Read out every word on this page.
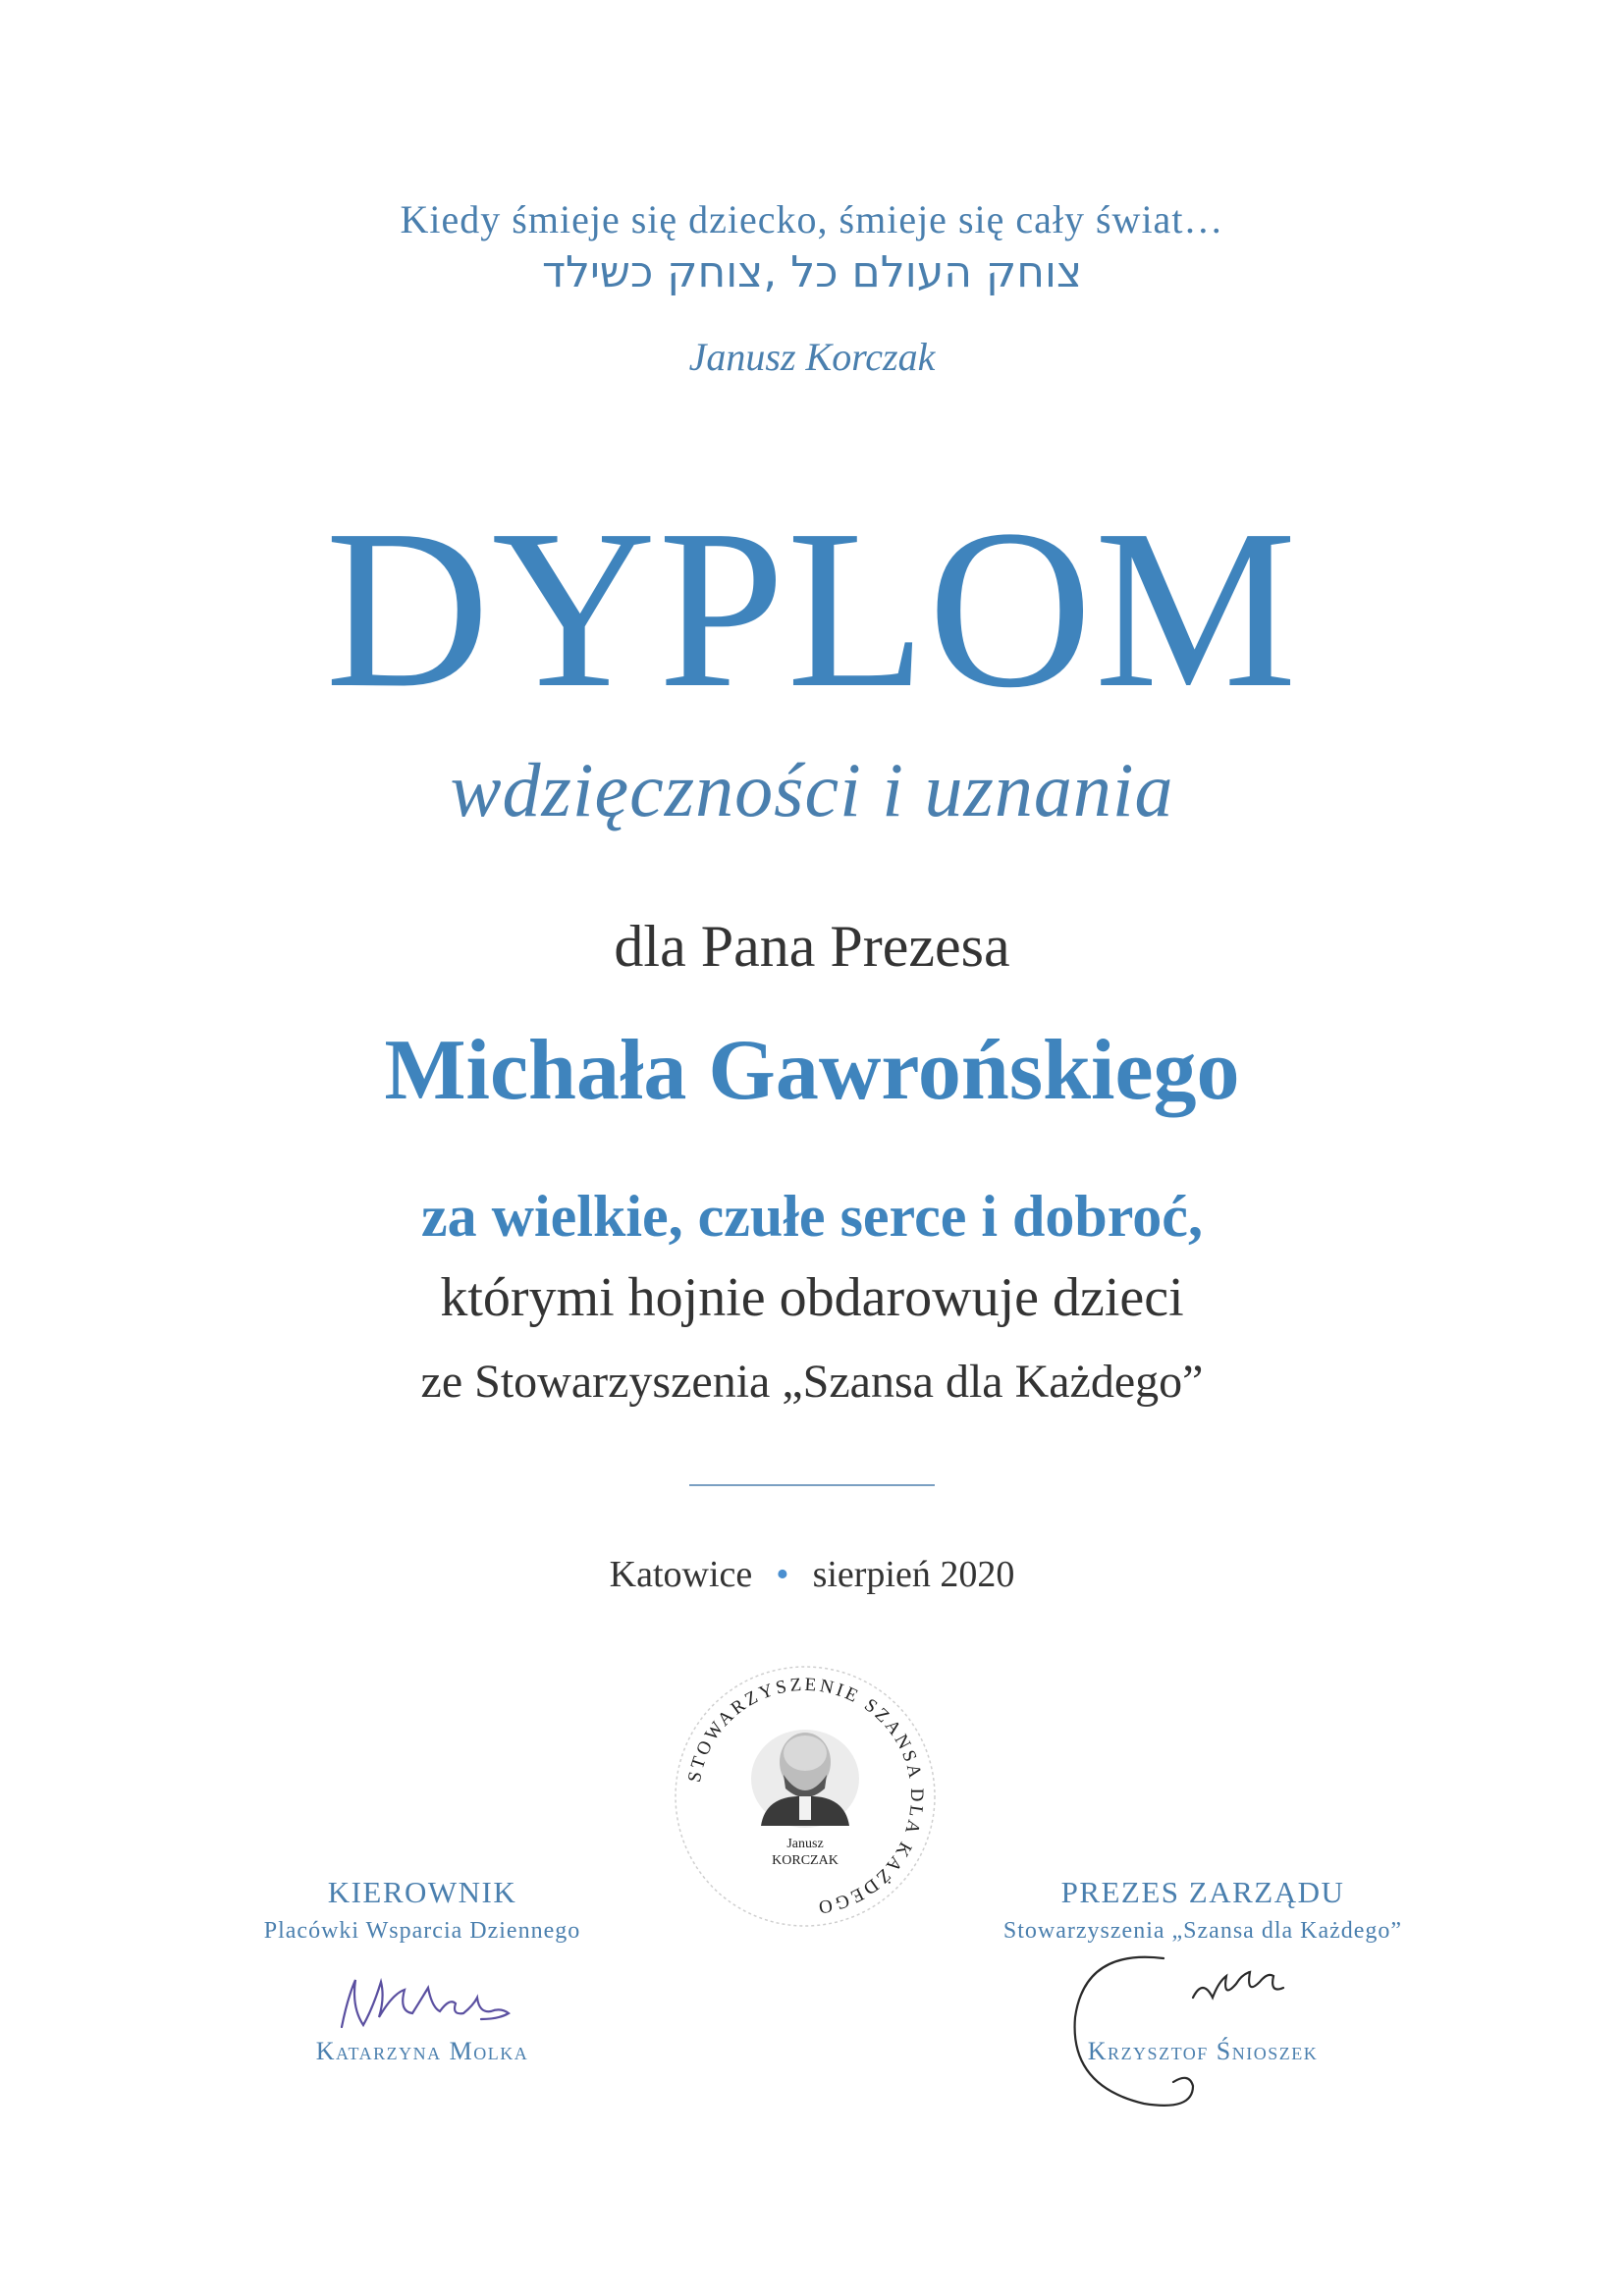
Kiedy śmieje się dziecko, śmieje się cały świat…
צוחק העולם כל ,צוחק כשילד
Janusz Korczak
DYPLOM
wdzięczności i uznania
dla Pana Prezesa
Michała Gawrońskiego
za wielkie, czułe serce i dobroć,
którymi hojnie obdarowuje dzieci
ze Stowarzyszenia „Szansa dla Każdego”
Katowice • sierpień 2020
STOWARZYSZENIE SZANSA DLA KAŻDEGO
Janusz
KORCZAK
KIEROWNIK
Placówki Wsparcia Dziennego
Katarzyna Molka
PREZES ZARZĄDU
Stowarzyszenia „Szansa dla Każdego”
Krzysztof Śnioszek
